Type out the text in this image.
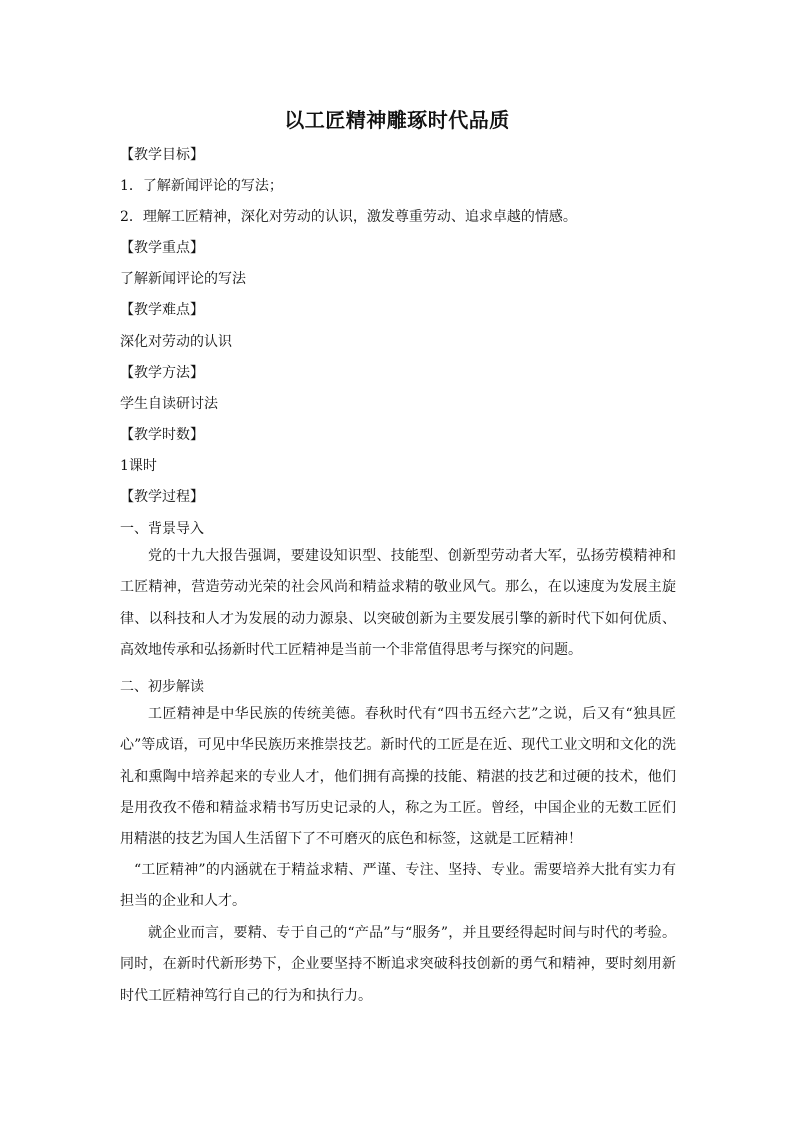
以工匠精神雕琢时代品质
【教学目标】
1．了解新闻评论的写法；
2．理解工匠精神，深化对劳动的认识，激发尊重劳动、追求卓越的情感。
【教学重点】
了解新闻评论的写法
【教学难点】
深化对劳动的认识
【教学方法】
学生自读研讨法
【教学时数】
1课时
【教学过程】
一、背景导入

党的十九大报告强调，要建设知识型、技能型、创新型劳动者大军，弘扬劳模精神和工匠精神，营造劳动光荣的社会风尚和精益求精的敬业风气。那么，在以速度为发展主旋律、以科技和人才为发展的动力源泉、以突破创新为主要发展引擎的新时代下如何优质、高效地传承和弘扬新时代工匠精神是当前一个非常值得思考与探究的问题。

二、初步解读

工匠精神是中华民族的传统美德。春秋时代有“四书五经六艺”之说，后又有“独具匠心”等成语，可见中华民族历来推崇技艺。新时代的工匠是在近、现代工业文明和文化的洗礼和熏陶中培养起来的专业人才，他们拥有高操的技能、精湛的技艺和过硬的技术，他们是用孜孜不倦和精益求精书写历史记录的人，称之为工匠。曾经，中国企业的无数工匠们用精湛的技艺为国人生活留下了不可磨灭的底色和标签，这就是工匠精神！

“工匠精神”的内涵就在于精益求精、严谨、专注、坚持、专业。需要培养大批有实力有担当的企业和人才。

就企业而言，要精、专于自己的“产品”与“服务”，并且要经得起时间与时代的考验。同时，在新时代新形势下，企业要坚持不断追求突破科技创新的勇气和精神，要时刻用新时代工匠精神笃行自己的行为和执行力。
